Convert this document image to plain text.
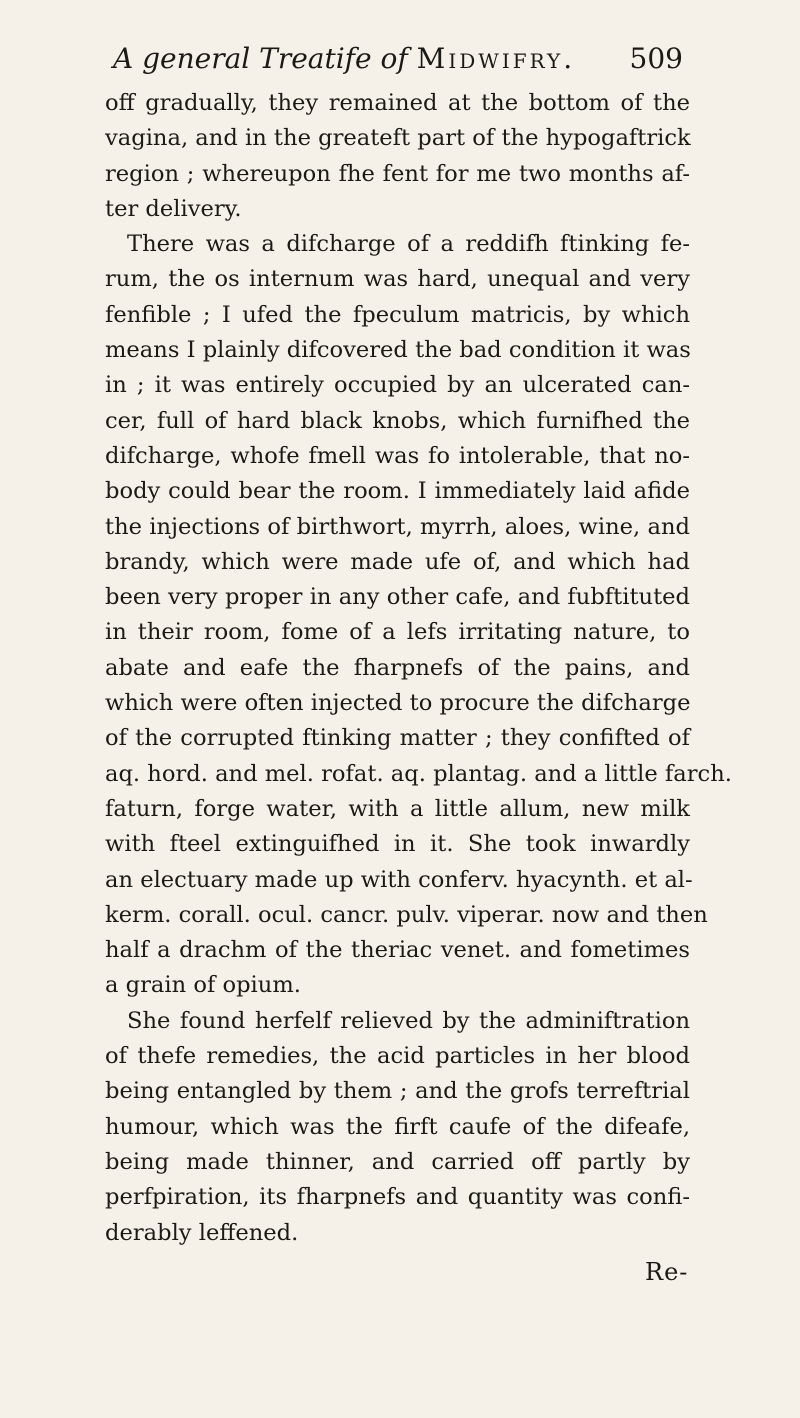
A general Treatife of Midwifry. 509
off gradually, they remained at the bottom of the
vagina, and in the greateft part of the hypogaftrick
region ; whereupon fhe fent for me two months af-
ter delivery.
There was a difcharge of a reddifh ftinking fe-
rum, the os internum was hard, unequal and very
fenfible ; I ufed the fpeculum matricis, by which
means I plainly difcovered the bad condition it was
in ; it was entirely occupied by an ulcerated can-
cer, full of hard black knobs, which furnifhed the
difcharge, whofe fmell was fo intolerable, that no-
body could bear the room. I immediately laid afide
the injections of birthwort, myrrh, aloes, wine, and
brandy, which were made ufe of, and which had
been very proper in any other cafe, and fubftituted
in their room, fome of a lefs irritating nature, to
abate and eafe the fharpnefs of the pains, and
which were often injected to procure the difcharge
of the corrupted ftinking matter ; they confifted of
aq. hord. and mel. rofat. aq. plantag. and a little farch.
faturn, forge water, with a little allum, new milk
with fteel extinguifhed in it. She took inwardly
an electuary made up with conferv. hyacynth. et al-
kerm. corall. ocul. cancr. pulv. viperar. now and then
half a drachm of the theriac venet. and fometimes
a grain of opium.
She found herfelf relieved by the adminiftration
of thefe remedies, the acid particles in her blood
being entangled by them ; and the grofs terreftrial
humour, which was the firft caufe of the difeafe,
being made thinner, and carried off partly by
perfpiration, its fharpnefs and quantity was confi-
derably leffened.
Re-
